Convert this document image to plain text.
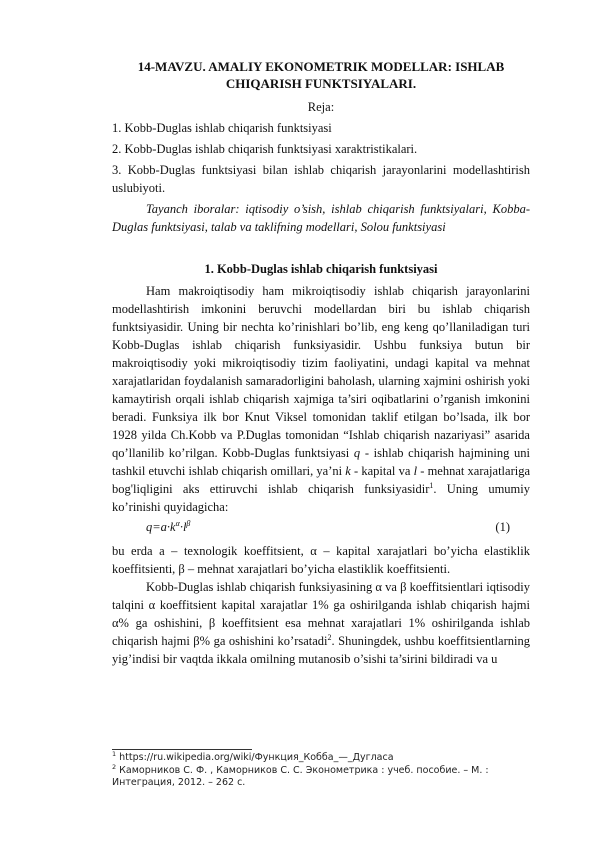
14-MAVZU. AMALIY EKONOMETRIK MODELLAR: ISHLAB
CHIQARISH FUNKTSIYALARI.

Reja:

1. Kobb-Duglas ishlab chiqarish funktsiyasi

2. Kobb-Duglas ishlab chiqarish funktsiyasi xaraktristikalari.

3. Kobb-Duglas funktsiyasi bilan ishlab chiqarish jarayonlarini modellashtirish uslubiyoti.

Tayanch iboralar: iqtisodiy o’sish, ishlab chiqarish funktsiyalari, Kobba-Duglas funktsiyasi, talab va taklifning modellari, Solou funktsiyasi

1. Kobb-Duglas ishlab chiqarish funktsiyasi

Ham makroiqtisodiy ham mikroiqtisodiy ishlab chiqarish jarayonlarini modellashtirish imkonini beruvchi modellardan biri bu ishlab chiqarish funktsiyasidir. Uning bir nechta ko’rinishlari bo’lib, eng keng qo’llaniladigan turi Kobb-Duglas ishlab chiqarish funksiyasidir. Ushbu funksiya butun bir makroiqtisodiy yoki mikroiqtisodiy tizim faoliyatini, undagi kapital va mehnat xarajatlaridan foydalanish samaradorligini baholash, ularning xajmini oshirish yoki kamaytirish orqali ishlab chiqarish xajmiga ta’siri oqibatlarini o’rganish imkonini beradi. Funksiya ilk bor Knut Viksel tomonidan taklif etilgan bo’lsada, ilk bor 1928 yilda Ch.Kobb va P.Duglas tomonidan “Ishlab chiqarish nazariyasi” asarida qo’llanilib ko’rilgan. Kobb-Duglas funktsiyasi q - ishlab chiqarish hajmining uni tashkil etuvchi ishlab chiqarish omillari, ya’ni k - kapital va l - mehnat xarajatlariga bog'liqligini aks ettiruvchi ishlab chiqarish funksiyasidir$^1$. Uning umumiy ko’rinishi quyidagicha:

$q=a\cdot k^\alpha\cdot l^\beta$	(1)

bu erda a – texnologik koeffitsient, α – kapital xarajatlari bo’yicha elastiklik koeffitsienti, β – mehnat xarajatlari bo’yicha elastiklik koeffitsienti.

Kobb-Duglas ishlab chiqarish funksiyasining α va β koeffitsientlari iqtisodiy talqini α koeffitsient kapital xarajatlar 1% ga oshirilganda ishlab chiqarish hajmi α% ga oshishini, β koeffitsient esa mehnat xarajatlari 1% oshirilganda ishlab chiqarish hajmi β% ga oshishini ko’rsatadi$^2$. Shuningdek, ushbu koeffitsientlarning yig’indisi bir vaqtda ikkala omilning mutanosib o’sishi ta’sirini bildiradi va u

$^1$ https://ru.wikipedia.org/wiki/Функция_Кобба_—_Дугласа

$^2$ Каморников С. Ф. , Каморников С. С. Эконометрика : учеб. пособие. – М. : Интеграция, 2012. – 262 с.
